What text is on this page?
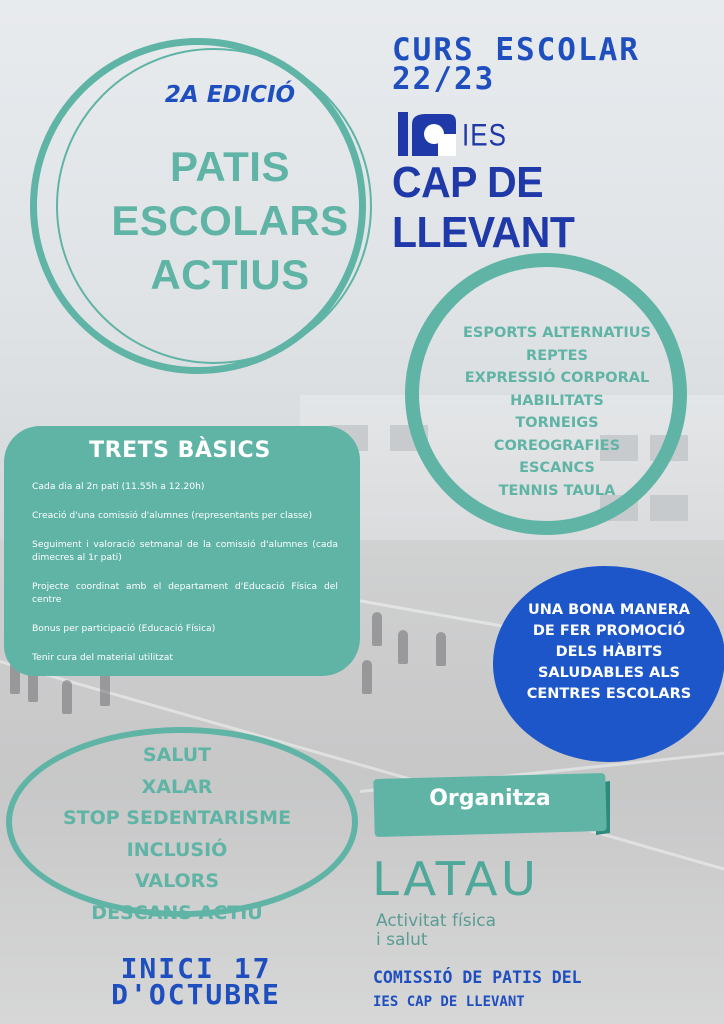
2A EDICIÓ
PATIS
ESCOLARS
ACTIUS
CURS ESCOLAR
22/23
IES
CAP DE LLEVANT
ESPORTS ALTERNATIUS
REPTES
EXPRESSIÓ CORPORAL
HABILITATS
TORNEIGS
COREOGRAFIES
ESCANCS
TENNIS TAULA
TRETS BÀSICS
Cada dia al 2n pati (11.55h a 12.20h)
Creació d'una comissió d'alumnes (representants per classe)
Seguiment i valoració setmanal de la comissió d'alumnes (cada dimecres al 1r pati)
Projecte coordinat amb el departament d'Educació Física del centre
Bonus per participació (Educació Física)
Tenir cura del material utilitzat
UNA BONA MANERA
DE FER PROMOCIÓ
DELS HÀBITS
SALUDABLES ALS
CENTRES ESCOLARS
SALUT
XALAR
STOP SEDENTARISME
INCLUSIÓ
VALORS
DESCANS ACTIU
INICI 17
D'OCTUBRE
Organitza
LATAU
Activitat física
i salut
COMISSIÓ DE PATIS DEL
IES CAP DE LLEVANT
